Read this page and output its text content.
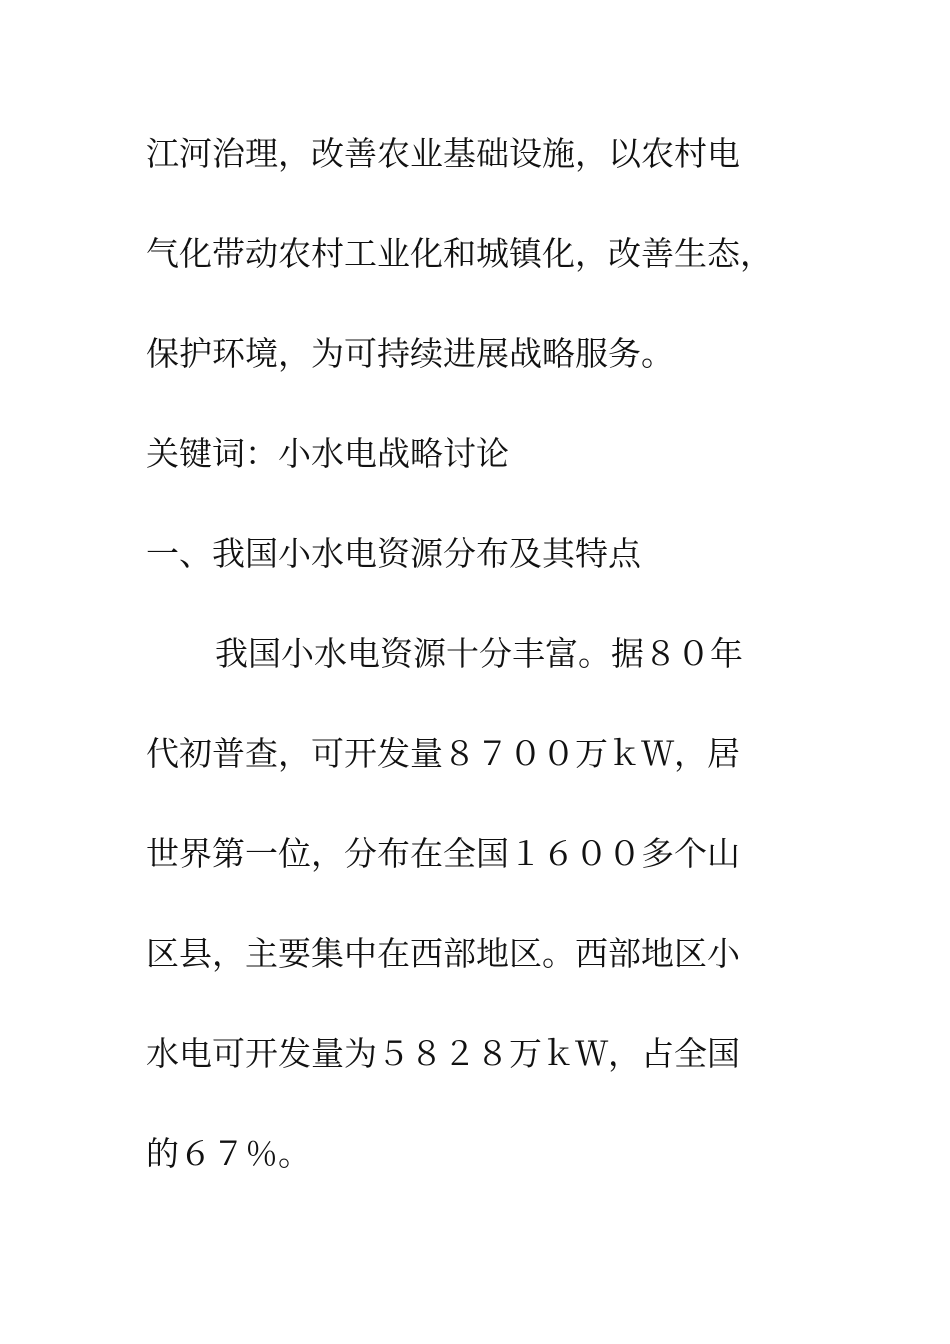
江河治理，改善农业基础设施，以农村电

气化带动农村工业化和城镇化，改善生态，

保护环境，为可持续进展战略服务。

关键词：小水电战略讨论

一、我国小水电资源分布及其特点

我国小水电资源十分丰富。据８０年

代初普查，可开发量８７００万ｋＷ，居

世界第一位，分布在全国１６００多个山

区县，主要集中在西部地区。西部地区小

水电可开发量为５８２８万ｋＷ，占全国

的６７％。
